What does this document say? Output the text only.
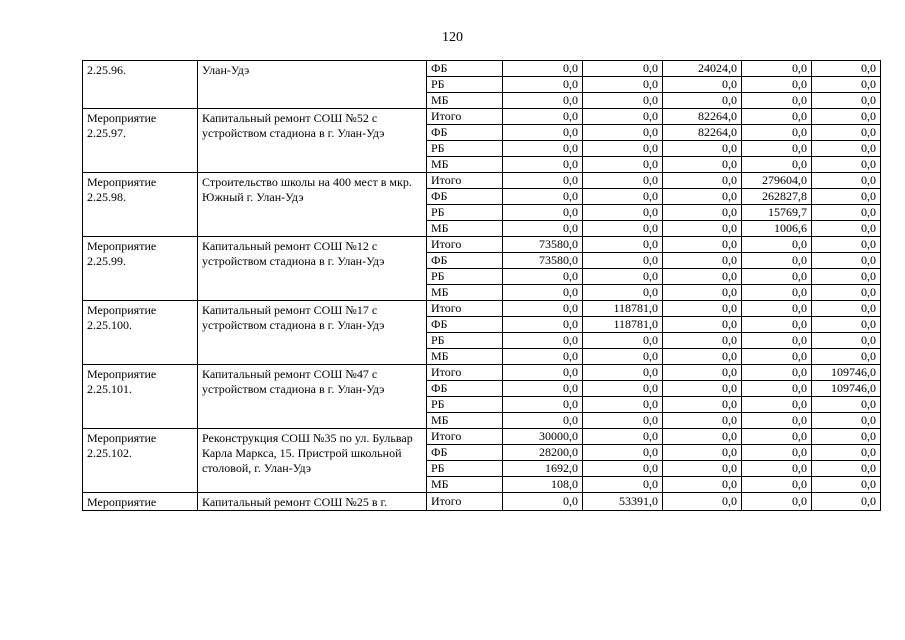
120
2.25.96.	Улан-Удэ	ФБ	0,0	0,0	24024,0	0,0	0,0
		РБ	0,0	0,0	0,0	0,0	0,0
		МБ	0,0	0,0	0,0	0,0	0,0
Мероприятие 2.25.97.	Капитальный ремонт СОШ №52 с устройством стадиона в г. Улан-Удэ	Итого	0,0	0,0	82264,0	0,0	0,0
		ФБ	0,0	0,0	82264,0	0,0	0,0
		РБ	0,0	0,0	0,0	0,0	0,0
		МБ	0,0	0,0	0,0	0,0	0,0
Мероприятие 2.25.98.	Строительство школы на 400 мест в мкр. Южный г. Улан-Удэ	Итого	0,0	0,0	0,0	279604,0	0,0
		ФБ	0,0	0,0	0,0	262827,8	0,0
		РБ	0,0	0,0	0,0	15769,7	0,0
		МБ	0,0	0,0	0,0	1006,6	0,0
Мероприятие 2.25.99.	Капитальный ремонт СОШ №12 с устройством стадиона в г. Улан-Удэ	Итого	73580,0	0,0	0,0	0,0	0,0
		ФБ	73580,0	0,0	0,0	0,0	0,0
		РБ	0,0	0,0	0,0	0,0	0,0
		МБ	0,0	0,0	0,0	0,0	0,0
Мероприятие 2.25.100.	Капитальный ремонт СОШ №17 с устройством стадиона в г. Улан-Удэ	Итого	0,0	118781,0	0,0	0,0	0,0
		ФБ	0,0	118781,0	0,0	0,0	0,0
		РБ	0,0	0,0	0,0	0,0	0,0
		МБ	0,0	0,0	0,0	0,0	0,0
Мероприятие 2.25.101.	Капитальный ремонт СОШ №47 с устройством стадиона в г. Улан-Удэ	Итого	0,0	0,0	0,0	0,0	109746,0
		ФБ	0,0	0,0	0,0	0,0	109746,0
		РБ	0,0	0,0	0,0	0,0	0,0
		МБ	0,0	0,0	0,0	0,0	0,0
Мероприятие 2.25.102.	Реконструкция СОШ №35 по ул. Бульвар Карла Маркса, 15. Пристрой школьной столовой, г. Улан-Удэ	Итого	30000,0	0,0	0,0	0,0	0,0
		ФБ	28200,0	0,0	0,0	0,0	0,0
		РБ	1692,0	0,0	0,0	0,0	0,0
		МБ	108,0	0,0	0,0	0,0	0,0
Мероприятие	Капитальный ремонт СОШ №25 в г.	Итого	0,0	53391,0	0,0	0,0	0,0
